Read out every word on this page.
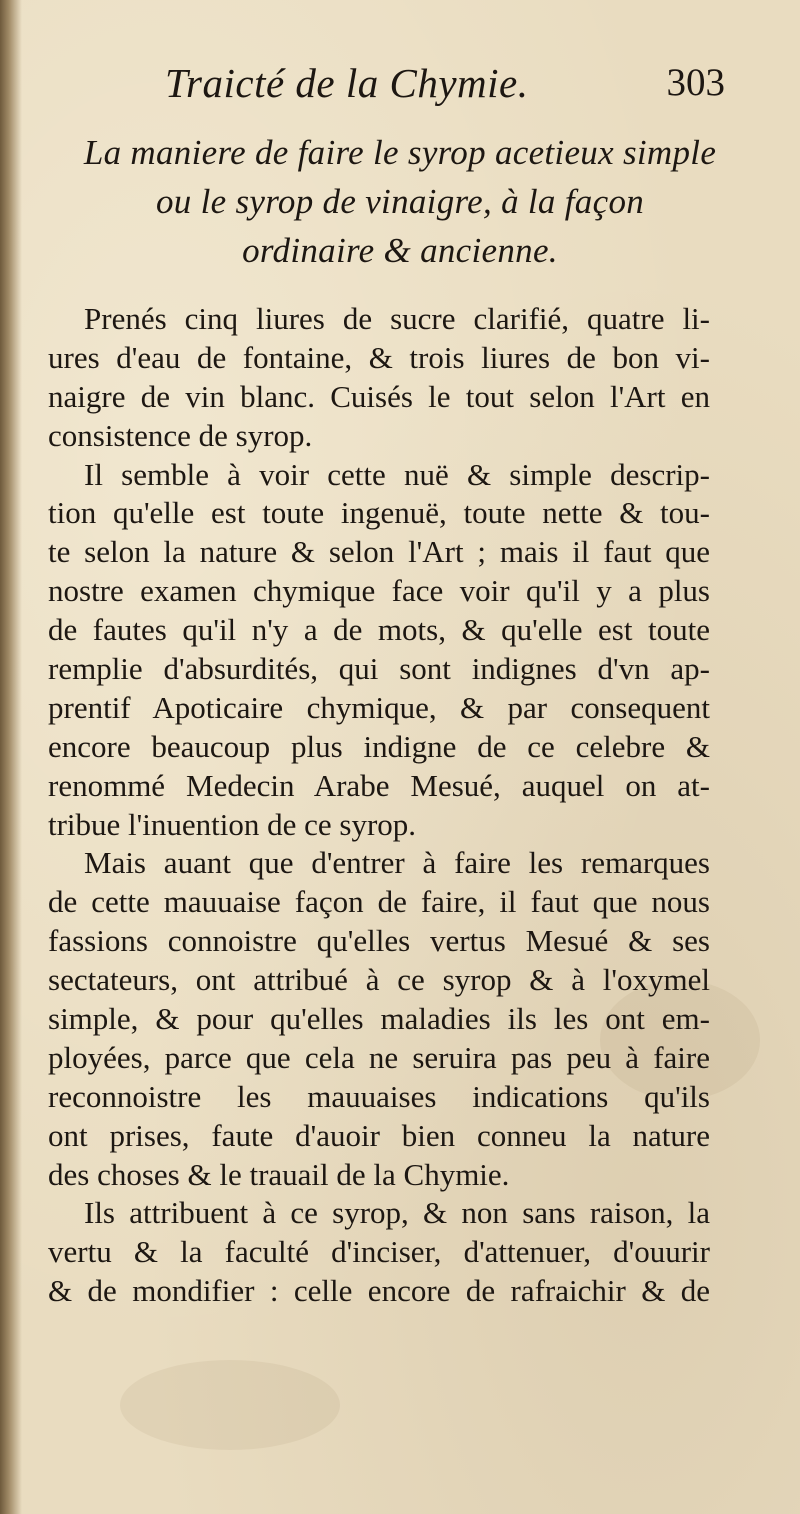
Traicté de la Chymie.	303
La maniere de faire le syrop acetieux simple
ou le syrop de vinaigre, à la façon
ordinaire & ancienne.
Prenés cinq liures de sucre clarifié, quatre li-
ures d'eau de fontaine, & trois liures de bon vi-
naigre de vin blanc. Cuisés le tout selon l'Art en
consistence de syrop.
Il semble à voir cette nuë & simple descrip-
tion qu'elle est toute ingenuë, toute nette & tou-
te selon la nature & selon l'Art ; mais il faut que
nostre examen chymique face voir qu'il y a plus
de fautes qu'il n'y a de mots, & qu'elle est toute
remplie d'absurdités, qui sont indignes d'vn ap-
prentif Apoticaire chymique, & par consequent
encore beaucoup plus indigne de ce celebre &
renommé Medecin Arabe Mesué, auquel on at-
tribue l'inuention de ce syrop.
Mais auant que d'entrer à faire les remarques
de cette mauuaise façon de faire, il faut que nous
fassions connoistre qu'elles vertus Mesué & ses
sectateurs, ont attribué à ce syrop & à l'oxymel
simple, & pour qu'elles maladies ils les ont em-
ployées, parce que cela ne seruira pas peu à faire
reconnoistre les mauuaises indications qu'ils
ont prises, faute d'auoir bien conneu la nature
des choses & le trauail de la Chymie.
Ils attribuent à ce syrop, & non sans raison, la
vertu & la faculté d'inciser, d'attenuer, d'ouurir
& de mondifier : celle encore de rafraichir & de
